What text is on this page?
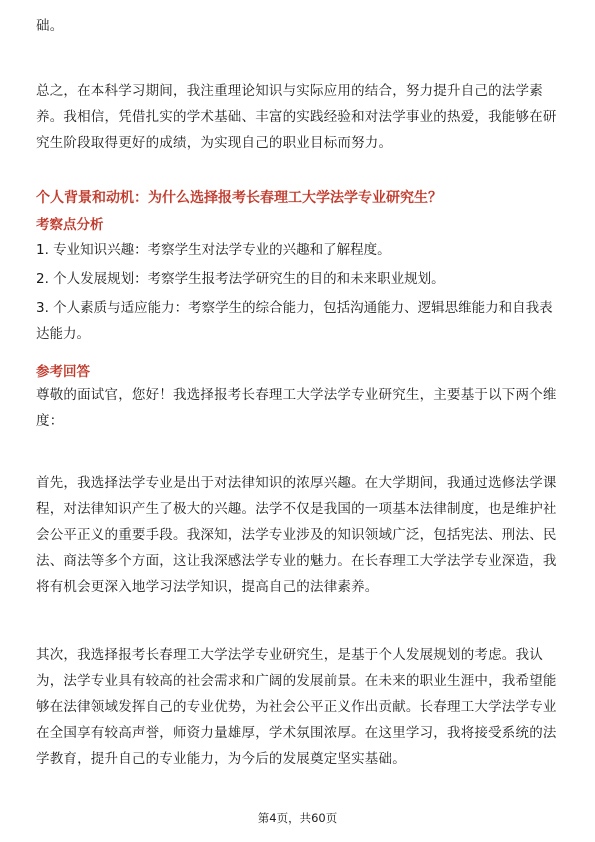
础。

总之，在本科学习期间，我注重理论知识与实际应用的结合，努力提升自己的法学素养。我相信，凭借扎实的学术基础、丰富的实践经验和对法学事业的热爱，我能够在研究生阶段取得更好的成绩，为实现自己的职业目标而努力。

个人背景和动机：为什么选择报考长春理工大学法学专业研究生？
考察点分析

1. 专业知识兴趣：考察学生对法学专业的兴趣和了解程度。

2. 个人发展规划：考察学生报考法学研究生的目的和未来职业规划。

3. 个人素质与适应能力：考察学生的综合能力，包括沟通能力、逻辑思维能力和自我表达能力。

参考回答

尊敬的面试官，您好！我选择报考长春理工大学法学专业研究生，主要基于以下两个维度：

首先，我选择法学专业是出于对法律知识的浓厚兴趣。在大学期间，我通过选修法学课程，对法律知识产生了极大的兴趣。法学不仅是我国的一项基本法律制度，也是维护社会公平正义的重要手段。我深知，法学专业涉及的知识领域广泛，包括宪法、刑法、民法、商法等多个方面，这让我深感法学专业的魅力。在长春理工大学法学专业深造，我将有机会更深入地学习法学知识，提高自己的法律素养。

其次，我选择报考长春理工大学法学专业研究生，是基于个人发展规划的考虑。我认为，法学专业具有较高的社会需求和广阔的发展前景。在未来的职业生涯中，我希望能够在法律领域发挥自己的专业优势，为社会公平正义作出贡献。长春理工大学法学专业在全国享有较高声誉，师资力量雄厚，学术氛围浓厚。在这里学习，我将接受系统的法学教育，提升自己的专业能力，为今后的发展奠定坚实基础。

第4页，共60页
